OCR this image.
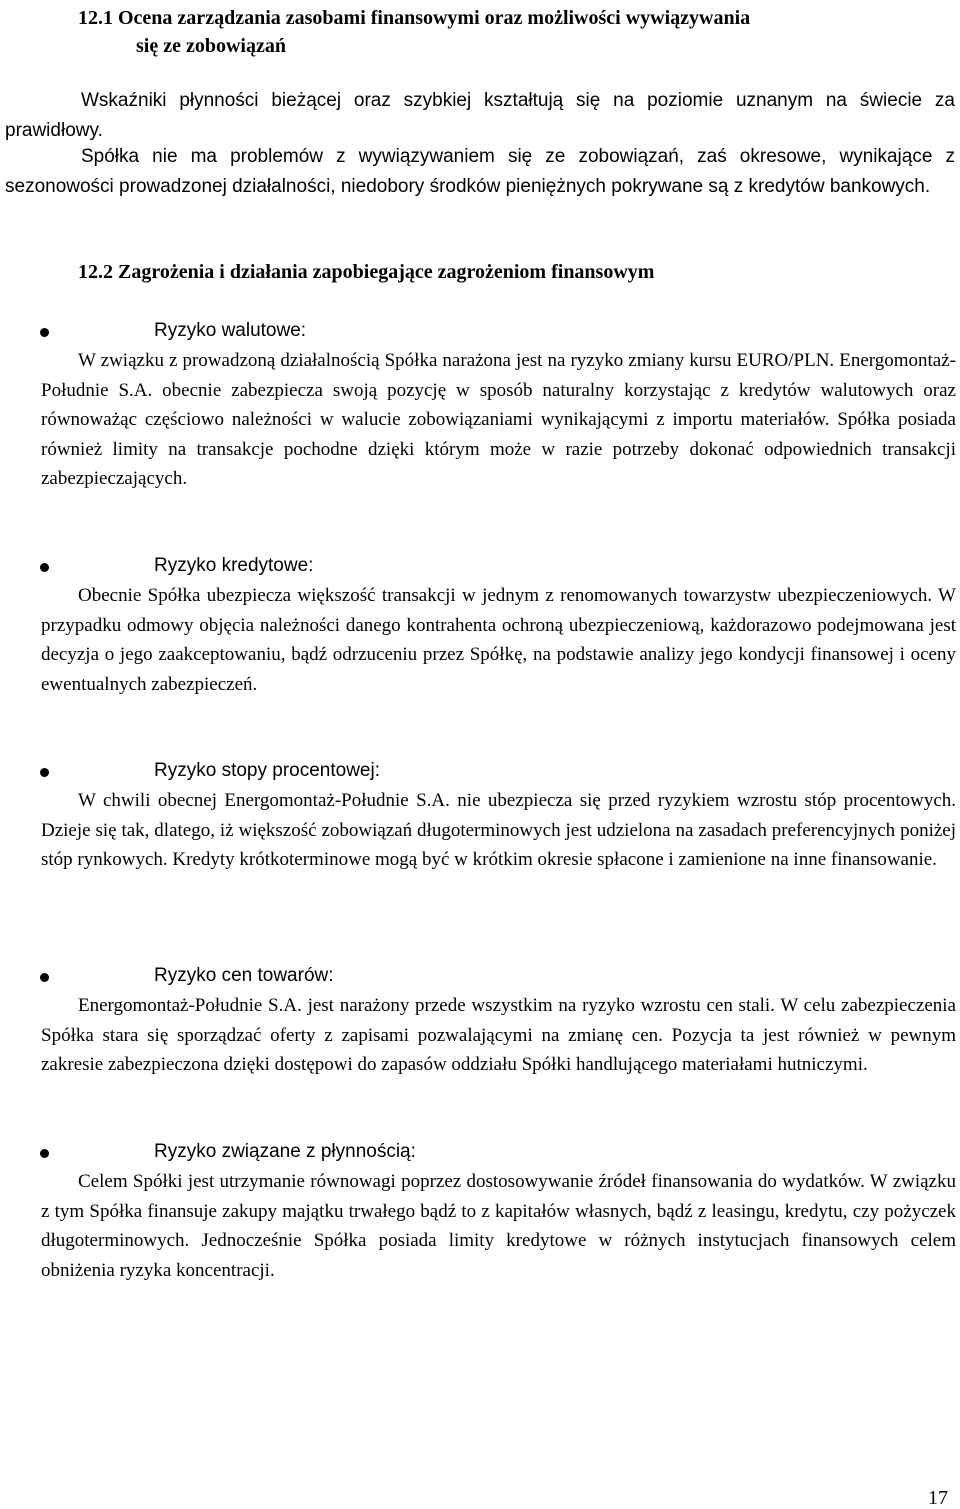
12.1 Ocena zarządzania zasobami finansowymi oraz możliwości wywiązywania
się ze zobowiązań

Wskaźniki płynności bieżącej oraz szybkiej kształtują się na poziomie uznanym na świecie za prawidłowy.

Spółka nie ma problemów z wywiązywaniem się ze zobowiązań, zaś okresowe, wynikające z sezonowości prowadzonej działalności, niedobory środków pieniężnych pokrywane są z kredytów bankowych.

12.2 Zagrożenia i działania zapobiegające zagrożeniom finansowym
Ryzyko walutowe:

W związku z prowadzoną działalnością Spółka narażona jest na ryzyko zmiany kursu EURO/PLN. Energomontaż-Południe S.A. obecnie zabezpiecza swoją pozycję w sposób naturalny korzystając z kredytów walutowych oraz równoważąc częściowo należności w walucie zobowiązaniami wynikającymi z importu materiałów. Spółka posiada również limity na transakcje pochodne dzięki którym może w razie potrzeby dokonać odpowiednich transakcji zabezpieczających.

Ryzyko kredytowe:

Obecnie Spółka ubezpiecza większość transakcji w jednym z renomowanych towarzystw ubezpieczeniowych. W przypadku odmowy objęcia należności danego kontrahenta ochroną ubezpieczeniową, każdorazowo podejmowana jest decyzja o jego zaakceptowaniu, bądź odrzuceniu przez Spółkę, na podstawie analizy jego kondycji finansowej i oceny ewentualnych zabezpieczeń.

Ryzyko stopy procentowej:

W chwili obecnej Energomontaż-Południe S.A. nie ubezpiecza się przed ryzykiem wzrostu stóp procentowych. Dzieje się tak, dlatego, iż większość zobowiązań długoterminowych jest udzielona na zasadach preferencyjnych poniżej stóp rynkowych. Kredyty krótkoterminowe mogą być w krótkim okresie spłacone i zamienione na inne finansowanie.

Ryzyko cen towarów:

Energomontaż-Południe S.A. jest narażony przede wszystkim na ryzyko wzrostu cen stali. W celu zabezpieczenia Spółka stara się sporządzać oferty z zapisami pozwalającymi na zmianę cen. Pozycja ta jest również w pewnym zakresie zabezpieczona dzięki dostępowi do zapasów oddziału Spółki handlującego materiałami hutniczymi.

Ryzyko związane z płynnością:

Celem Spółki jest utrzymanie równowagi poprzez dostosowywanie źródeł finansowania do wydatków. W związku z tym Spółka finansuje zakupy majątku trwałego bądź to z kapitałów własnych, bądź z leasingu, kredytu, czy pożyczek długoterminowych. Jednocześnie Spółka posiada limity kredytowe w różnych instytucjach finansowych celem obniżenia ryzyka koncentracji.

17
